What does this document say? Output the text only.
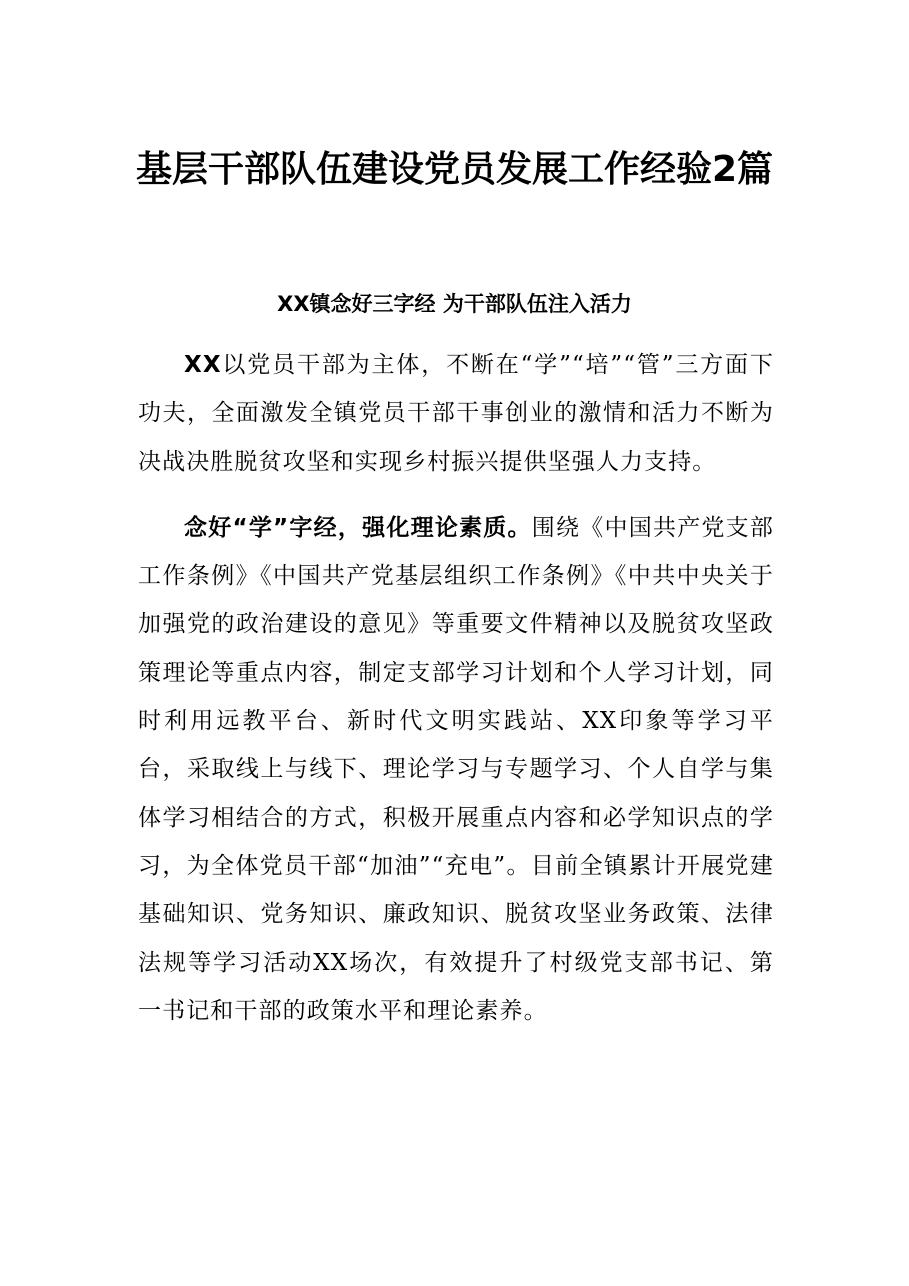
基层干部队伍建设党员发展工作经验2篇
XX镇念好三字经 为干部队伍注入活力

XX以党员干部为主体，不断在“学”“培”“管”三方面下功夫，全面激发全镇党员干部干事创业的激情和活力不断为决战决胜脱贫攻坚和实现乡村振兴提供坚强人力支持。

念好“学”字经，强化理论素质。围绕《中国共产党支部工作条例》《中国共产党基层组织工作条例》《中共中央关于加强党的政治建设的意见》等重要文件精神以及脱贫攻坚政策理论等重点内容，制定支部学习计划和个人学习计划，同时利用远教平台、新时代文明实践站、XX印象等学习平台，采取线上与线下、理论学习与专题学习、个人自学与集体学习相结合的方式，积极开展重点内容和必学知识点的学习，为全体党员干部“加油”“充电”。目前全镇累计开展党建基础知识、党务知识、廉政知识、脱贫攻坚业务政策、法律法规等学习活动XX场次，有效提升了村级党支部书记、第一书记和干部的政策水平和理论素养。
